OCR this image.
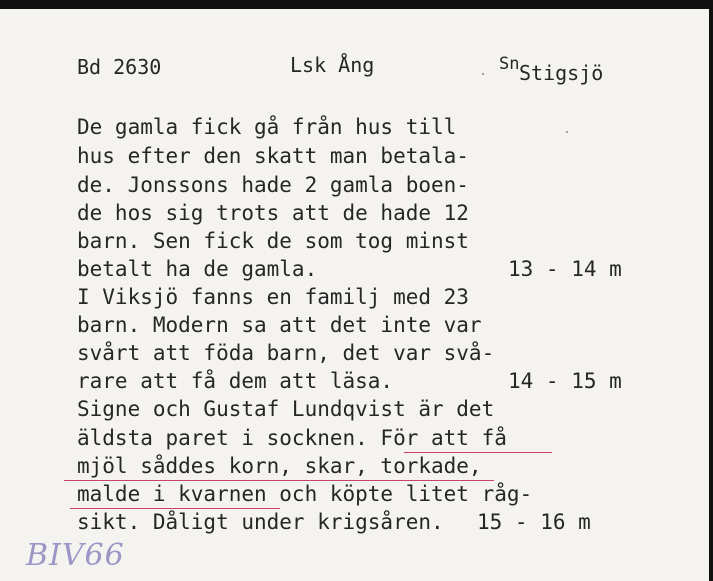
Bd 2630	Lsk Ång	Sn Stigsjö
De gamla fick gå från hus till
hus efter den skatt man betala-
de. Jonssons hade 2 gamla boen-
de hos sig trots att de hade 12
barn. Sen fick de som tog minst
betalt ha de gamla.
I Viksjö fanns en familj med 23
barn. Modern sa att det inte var
svårt att föda barn, det var svå-
rare att få dem att läsa.
Signe och Gustaf Lundqvist är det
äldsta paret i socknen. För att få
mjöl såddes korn, skar, torkade,
malde i kvarnen och köpte litet råg-
sikt. Dåligt under krigsåren.
13 - 14 m
14 - 15 m
15 - 16 m
BIV66
